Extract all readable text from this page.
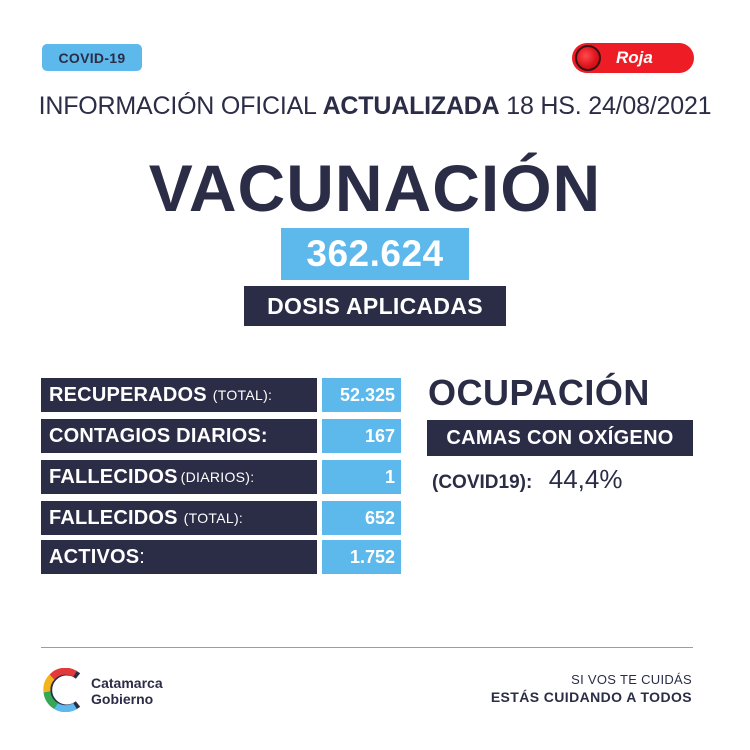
COVID-19	Roja
INFORMACIÓN OFICIAL ACTUALIZADA 18 HS. 24/08/2021
VACUNACIÓN
362.624
DOSIS APLICADAS
RECUPERADOS (TOTAL):	52.325
CONTAGIOS DIARIOS:	167
FALLECIDOS (DIARIOS):	1
FALLECIDOS (TOTAL):	652
ACTIVOS :	1.752
OCUPACIÓN
CAMAS CON OXÍGENO
(COVID19): 44,4%
Catamarca
Gobierno
SI VOS TE CUIDÁS
ESTÁS CUIDANDO A TODOS
